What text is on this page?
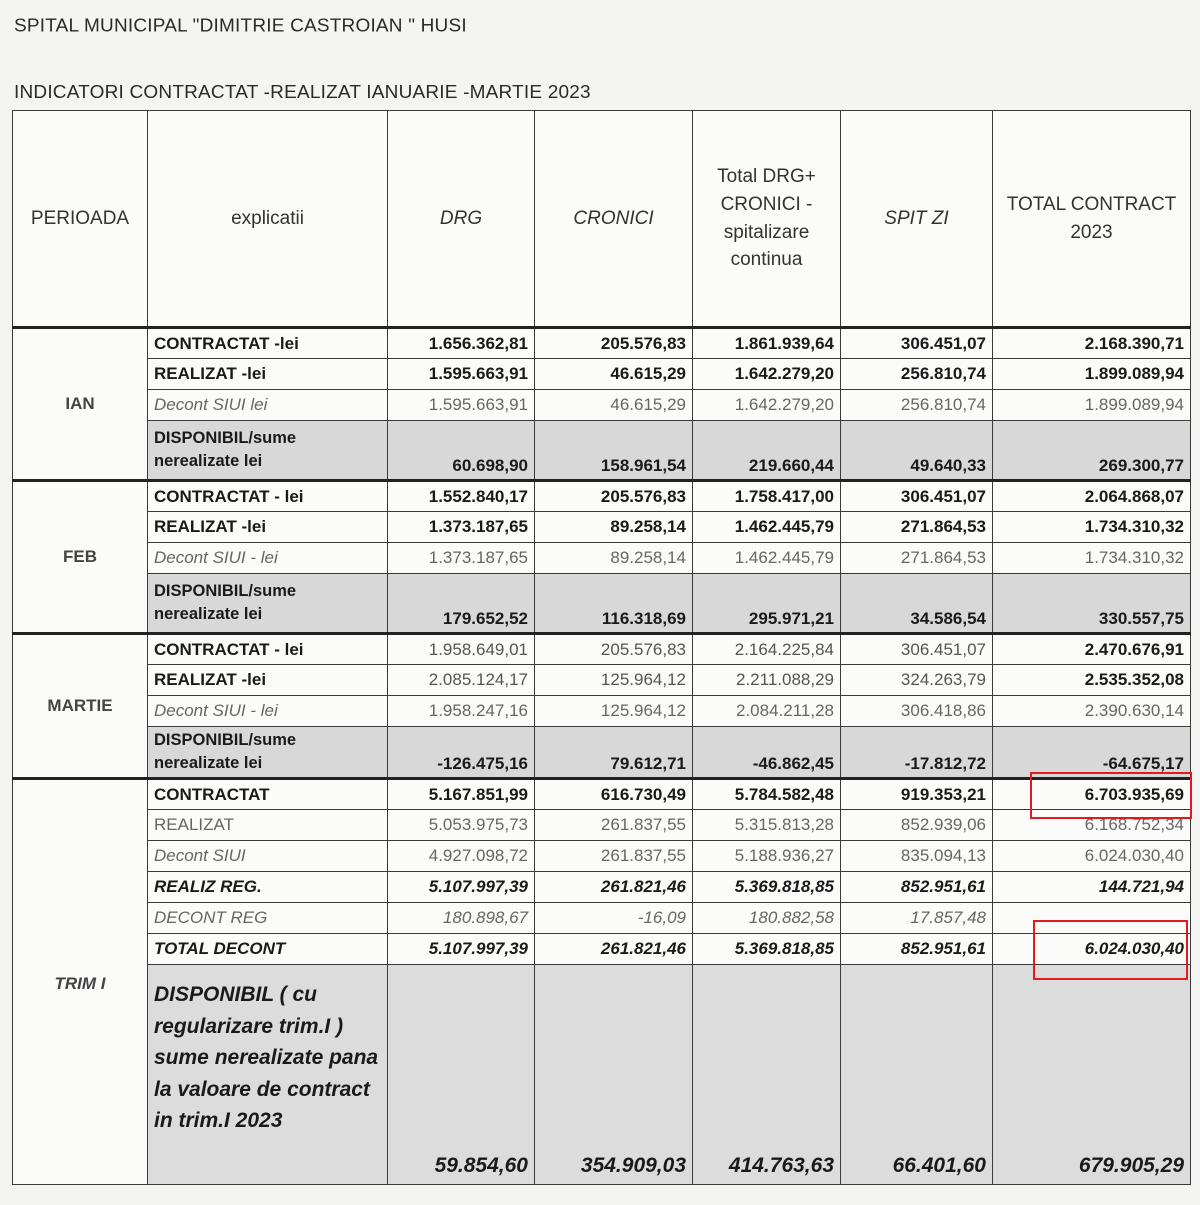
SPITAL MUNICIPAL "DIMITRIE CASTROIAN " HUSI
INDICATORI CONTRACTAT -REALIZAT IANUARIE -MARTIE 2023
PERIOADA	explicatii	DRG	CRONICI	Total DRG+ CRONICI - spitalizare continua	SPIT ZI	TOTAL CONTRACT 2023
IAN	CONTRACTAT -lei	1.656.362,81	205.576,83	1.861.939,64	306.451,07	2.168.390,71
	REALIZAT -lei	1.595.663,91	46.615,29	1.642.279,20	256.810,74	1.899.089,94
	Decont SIUI lei	1.595.663,91	46.615,29	1.642.279,20	256.810,74	1.899.089,94
	DISPONIBIL/sume nerealizate lei	60.698,90	158.961,54	219.660,44	49.640,33	269.300,77
FEB	CONTRACTAT - lei	1.552.840,17	205.576,83	1.758.417,00	306.451,07	2.064.868,07
	REALIZAT -lei	1.373.187,65	89.258,14	1.462.445,79	271.864,53	1.734.310,32
	Decont SIUI - lei	1.373.187,65	89.258,14	1.462.445,79	271.864,53	1.734.310,32
	DISPONIBIL/sume nerealizate lei	179.652,52	116.318,69	295.971,21	34.586,54	330.557,75
MARTIE	CONTRACTAT - lei	1.958.649,01	205.576,83	2.164.225,84	306.451,07	2.470.676,91
	REALIZAT -lei	2.085.124,17	125.964,12	2.211.088,29	324.263,79	2.535.352,08
	Decont SIUI - lei	1.958.247,16	125.964,12	2.084.211,28	306.418,86	2.390.630,14
	DISPONIBIL/sume nerealizate lei	-126.475,16	79.612,71	-46.862,45	-17.812,72	-64.675,17

TRIM I	CONTRACTAT	5.167.851,99	616.730,49	5.784.582,48	919.353,21	6.703.935,69
	REALIZAT	5.053.975,73	261.837,55	5.315.813,28	852.939,06	6.168.752,34
	Decont SIUI	4.927.098,72	261.837,55	5.188.936,27	835.094,13	6.024.030,40
	REALIZ REG.	5.107.997,39	261.821,46	5.369.818,85	852.951,61	144.721,94
	DECONT REG	180.898,67	-16,09	180.882,58	17.857,48	
	TOTAL DECONT	5.107.997,39	261.821,46	5.369.818,85	852.951,61	6.024.030,40
	DISPONIBIL ( cu regularizare trim.I ) sume nerealizate pana la valoare de contract in trim.I 2023	59.854,60	354.909,03	414.763,63	66.401,60	679.905,29
